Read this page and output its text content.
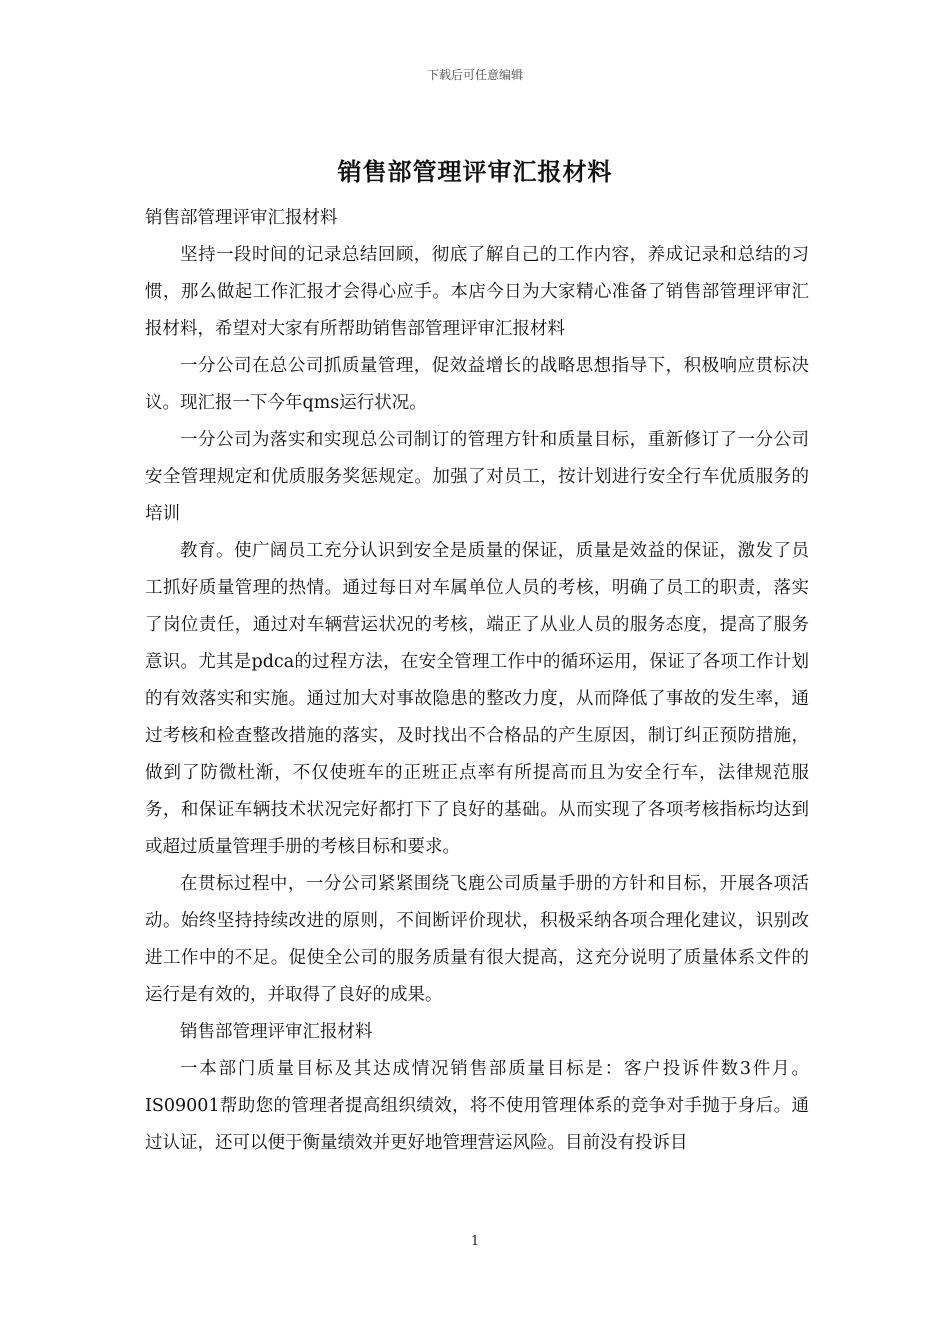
下载后可任意编辑
销售部管理评审汇报材料

销售部管理评审汇报材料

坚持一段时间的记录总结回顾，彻底了解自己的工作内容，养成记录和总结的习惯，那么做起工作汇报才会得心应手。本店今日为大家精心准备了销售部管理评审汇报材料，希望对大家有所帮助销售部管理评审汇报材料

一分公司在总公司抓质量管理，促效益增长的战略思想指导下，积极响应贯标决议。现汇报一下今年qms运行状况。

一分公司为落实和实现总公司制订的管理方针和质量目标，重新修订了一分公司安全管理规定和优质服务奖惩规定。加强了对员工，按计划进行安全行车优质服务的培训

教育。使广阔员工充分认识到安全是质量的保证，质量是效益的保证，激发了员工抓好质量管理的热情。通过每日对车属单位人员的考核，明确了员工的职责，落实了岗位责任，通过对车辆营运状况的考核，端正了从业人员的服务态度，提高了服务意识。尤其是pdca的过程方法，在安全管理工作中的循环运用，保证了各项工作计划的有效落实和实施。通过加大对事故隐患的整改力度，从而降低了事故的发生率，通过考核和检查整改措施的落实，及时找出不合格品的产生原因，制订纠正预防措施，做到了防微杜渐，不仅使班车的正班正点率有所提高而且为安全行车，法律规范服务，和保证车辆技术状况完好都打下了良好的基础。从而实现了各项考核指标均达到或超过质量管理手册的考核目标和要求。

在贯标过程中，一分公司紧紧围绕飞鹿公司质量手册的方针和目标，开展各项活动。始终坚持持续改进的原则，不间断评价现状，积极采纳各项合理化建议，识别改进工作中的不足。促使全公司的服务质量有很大提高，这充分说明了质量体系文件的运行是有效的，并取得了良好的成果。

销售部管理评审汇报材料

一本部门质量目标及其达成情况销售部质量目标是：客户投诉件数3件月。IS09001帮助您的管理者提高组织绩效，将不使用管理体系的竞争对手抛于身后。通过认证，还可以便于衡量绩效并更好地管理营运风险。目前没有投诉目

1
